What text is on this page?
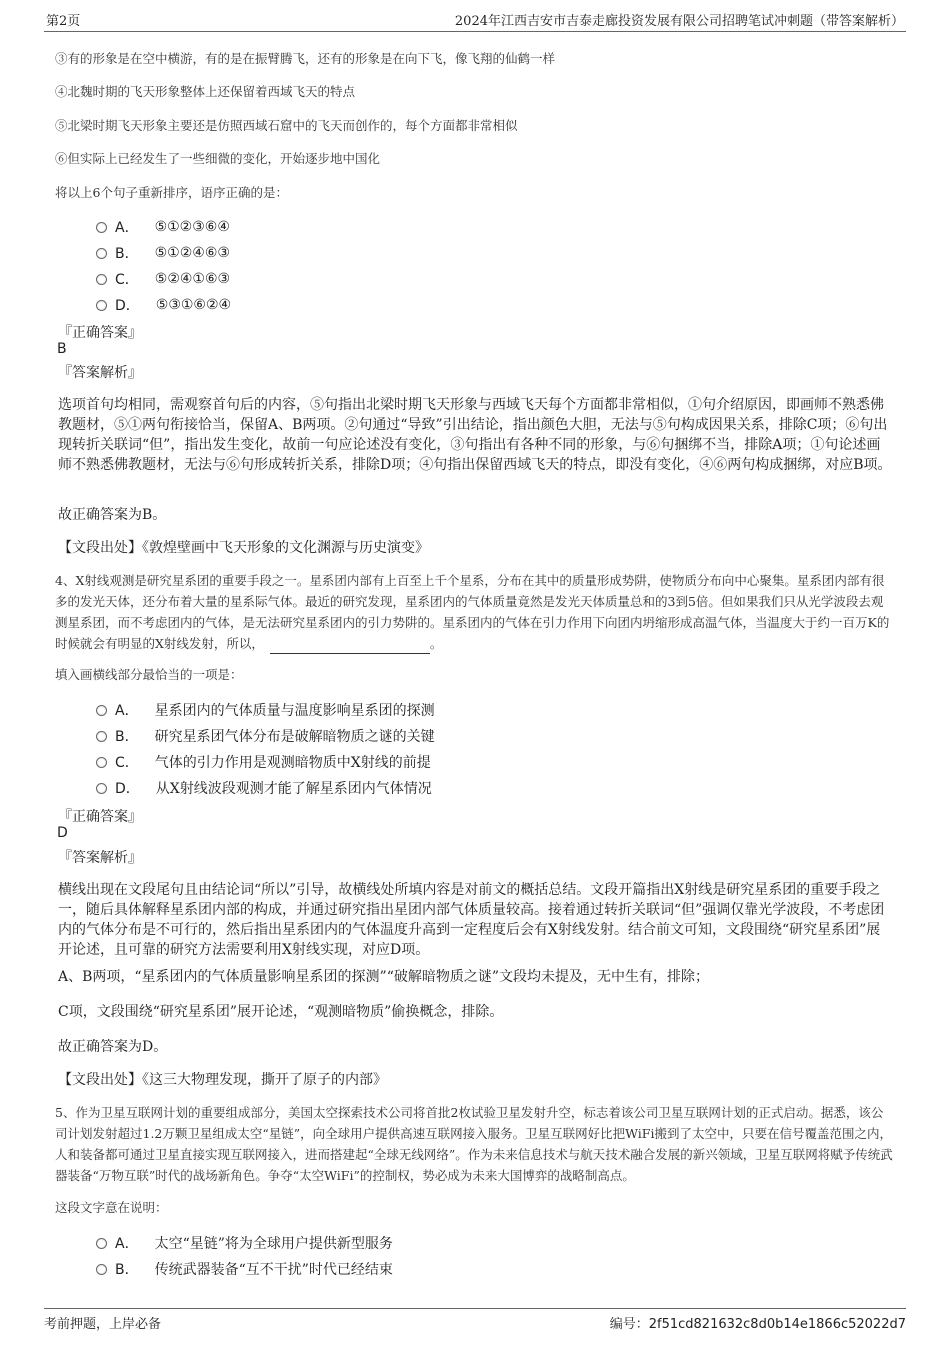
第2页	2024年江西吉安市吉泰走廊投资发展有限公司招聘笔试冲刺题（带答案解析）
③有的形象是在空中横游，有的是在振臂腾飞，还有的形象是在向下飞，像飞翔的仙鹤一样
④北魏时期的飞天形象整体上还保留着西域飞天的特点
⑤北梁时期飞天形象主要还是仿照西域石窟中的飞天而创作的，每个方面都非常相似
⑥但实际上已经发生了一些细微的变化，开始逐步地中国化
将以上6个句子重新排序，语序正确的是：
A． ⑤①②③⑥④
B． ⑤①②④⑥③
C． ⑤②④①⑥③
D． ⑤③①⑥②④
『正确答案』
B
『答案解析』

选项首句均相同，需观察首句后的内容，⑤句指出北梁时期飞天形象与西域飞天每个方面都非常相似，①句介绍原因，即画师不熟悉佛教题材，⑤①两句衔接恰当，保留A、B两项。②句通过“导致”引出结论，指出颜色大胆，无法与⑤句构成因果关系，排除C项；⑥句出现转折关联词“但”，指出发生变化，故前一句应论述没有变化，③句指出有各种不同的形象，与⑥句捆绑不当，排除A项；①句论述画师不熟悉佛教题材，无法与⑥句形成转折关系，排除D项；④句指出保留西域飞天的特点，即没有变化，④⑥两句构成捆绑，对应B项。

故正确答案为B。
【文段出处】《敦煌壁画中飞天形象的文化渊源与历史演变》

4、X射线观测是研究星系团的重要手段之一。星系团内部有上百至上千个星系，分布在其中的质量形成势阱，使物质分布向中心聚集。星系团内部有很多的发光天体，还分布着大量的星系际气体。最近的研究发现，星系团内的气体质量竟然是发光天体质量总和的3到5倍。但如果我们只从光学波段去观测星系团，而不考虑团内的气体，是无法研究星系团内的引力势阱的。星系团内的气体在引力作用下向团内坍缩形成高温气体，当温度大于约一百万K的时候就会有明显的X射线发射，所以，	。

填入画横线部分最恰当的一项是：
A． 星系团内的气体质量与温度影响星系团的探测
B． 研究星系团气体分布是破解暗物质之谜的关键
C． 气体的引力作用是观测暗物质中X射线的前提
D． 从X射线波段观测才能了解星系团内气体情况
『正确答案』
D
『答案解析』

横线出现在文段尾句且由结论词“所以”引导，故横线处所填内容是对前文的概括总结。文段开篇指出X射线是研究星系团的重要手段之一，随后具体解释星系团内部的构成，并通过研究指出星团内部气体质量较高。接着通过转折关联词“但”强调仅靠光学波段，不考虑团内的气体分布是不可行的，然后指出星系团内的气体温度升高到一定程度后会有X射线发射。结合前文可知，文段围绕“研究星系团”展开论述，且可靠的研究方法需要利用X射线实现，对应D项。

A、B两项，“星系团内的气体质量影响星系团的探测”“破解暗物质之谜”文段均未提及，无中生有，排除；
C项，文段围绕“研究星系团”展开论述，“观测暗物质”偷换概念，排除。
故正确答案为D。
【文段出处】《这三大物理发现，撕开了原子的内部》

5、作为卫星互联网计划的重要组成部分，美国太空探索技术公司将首批2枚试验卫星发射升空，标志着该公司卫星互联网计划的正式启动。据悉，该公司计划发射超过1.2万颗卫星组成太空“星链”，向全球用户提供高速互联网接入服务。卫星互联网好比把WiFi搬到了太空中，只要在信号覆盖范围之内，人和装备都可通过卫星直接实现互联网接入，进而搭建起“全球无线网络”。作为未来信息技术与航天技术融合发展的新兴领域，卫星互联网将赋予传统武器装备“万物互联”时代的战场新角色。争夺“太空WiFi”的控制权，势必成为未来大国博弈的战略制高点。

这段文字意在说明：
A． 太空“星链”将为全球用户提供新型服务
B． 传统武器装备“互不干扰”时代已经结束
考前押题，上岸必备	编号：2f51cd821632c8d0b14e1866c52022d7
